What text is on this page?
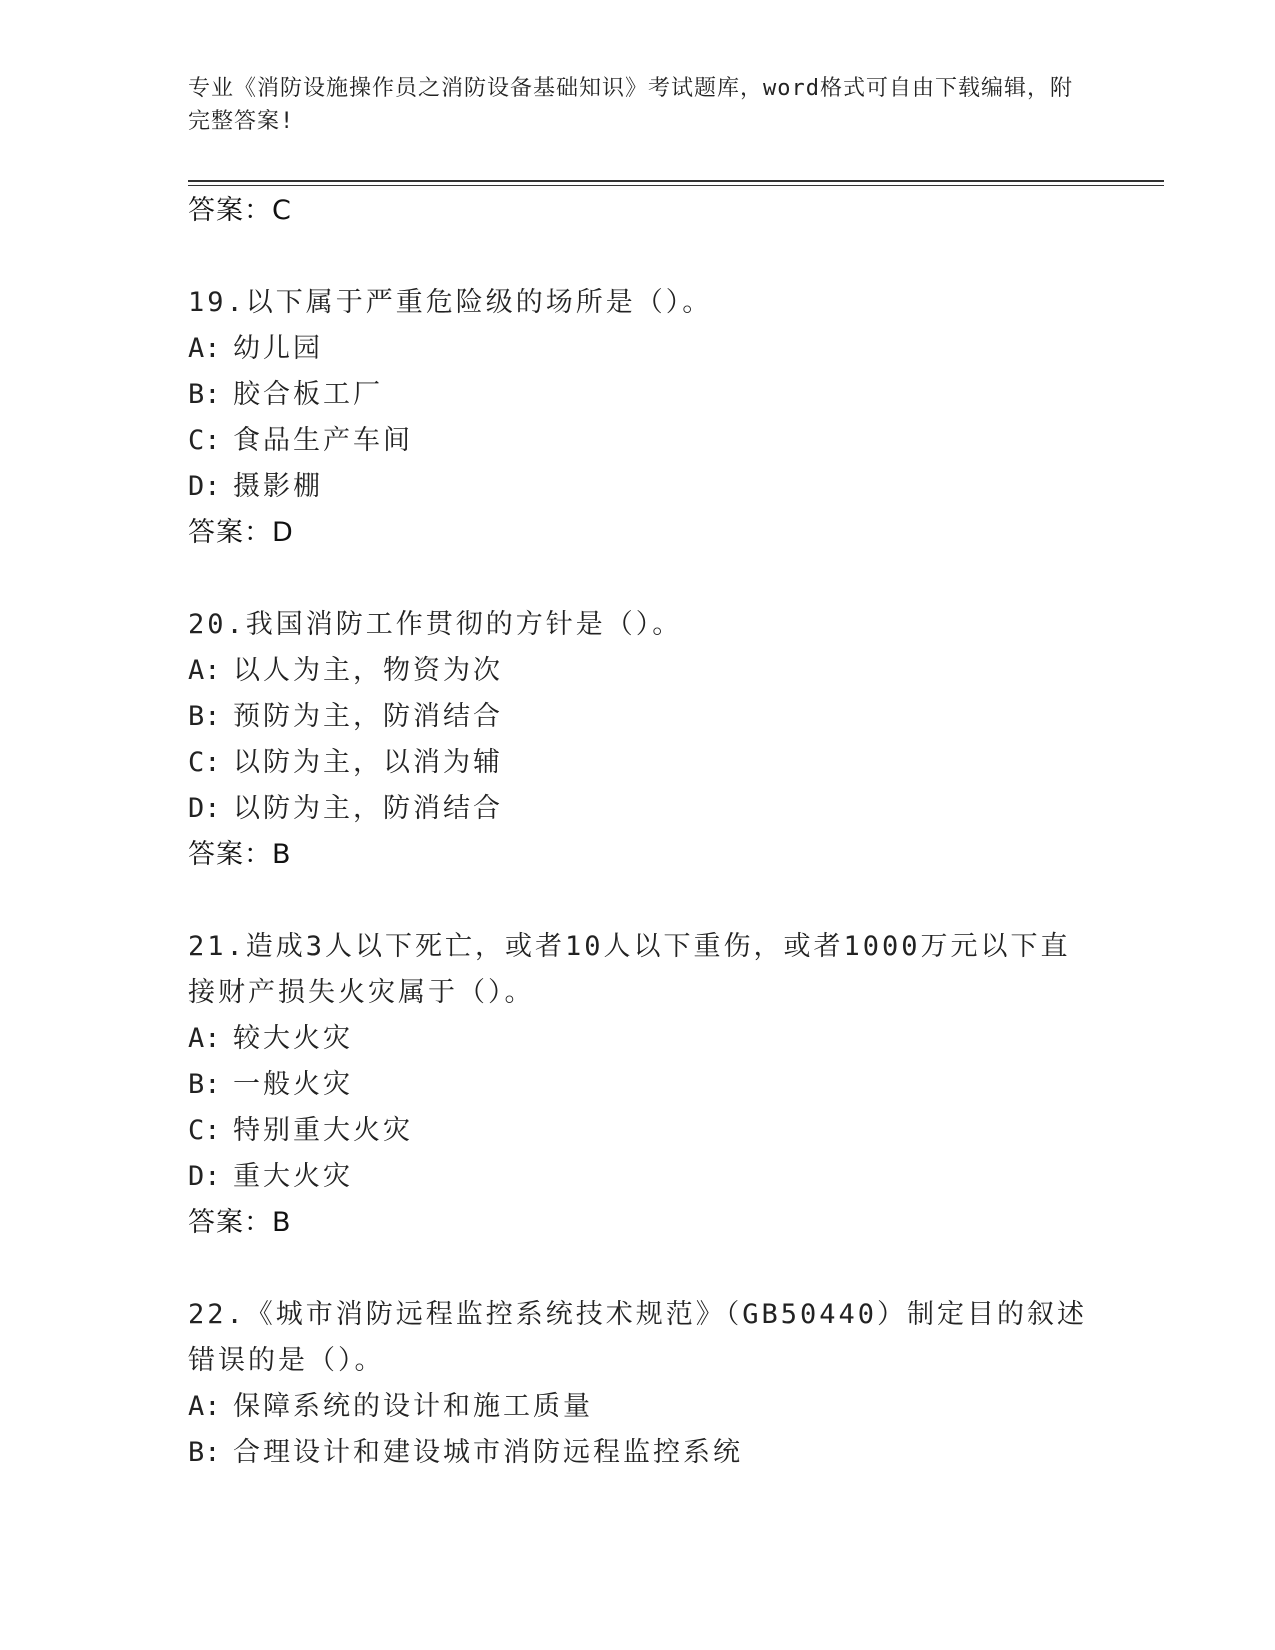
专业《消防设施操作员之消防设备基础知识》考试题库，word格式可自由下载编辑，附完整答案!
答案：C
19.以下属于严重危险级的场所是（）。
A: 幼儿园
B: 胶合板工厂
C: 食品生产车间
D: 摄影棚
答案：D
20.我国消防工作贯彻的方针是（）。
A: 以人为主，物资为次
B: 预防为主，防消结合
C: 以防为主，以消为辅
D: 以防为主，防消结合
答案：B
21.造成3人以下死亡，或者10人以下重伤，或者1000万元以下直接财产损失火灾属于（）。
A: 较大火灾
B: 一般火灾
C: 特别重大火灾
D: 重大火灾
答案：B
22.《城市消防远程监控系统技术规范》（GB50440）制定目的叙述错误的是（）。
A: 保障系统的设计和施工质量
B: 合理设计和建设城市消防远程监控系统
